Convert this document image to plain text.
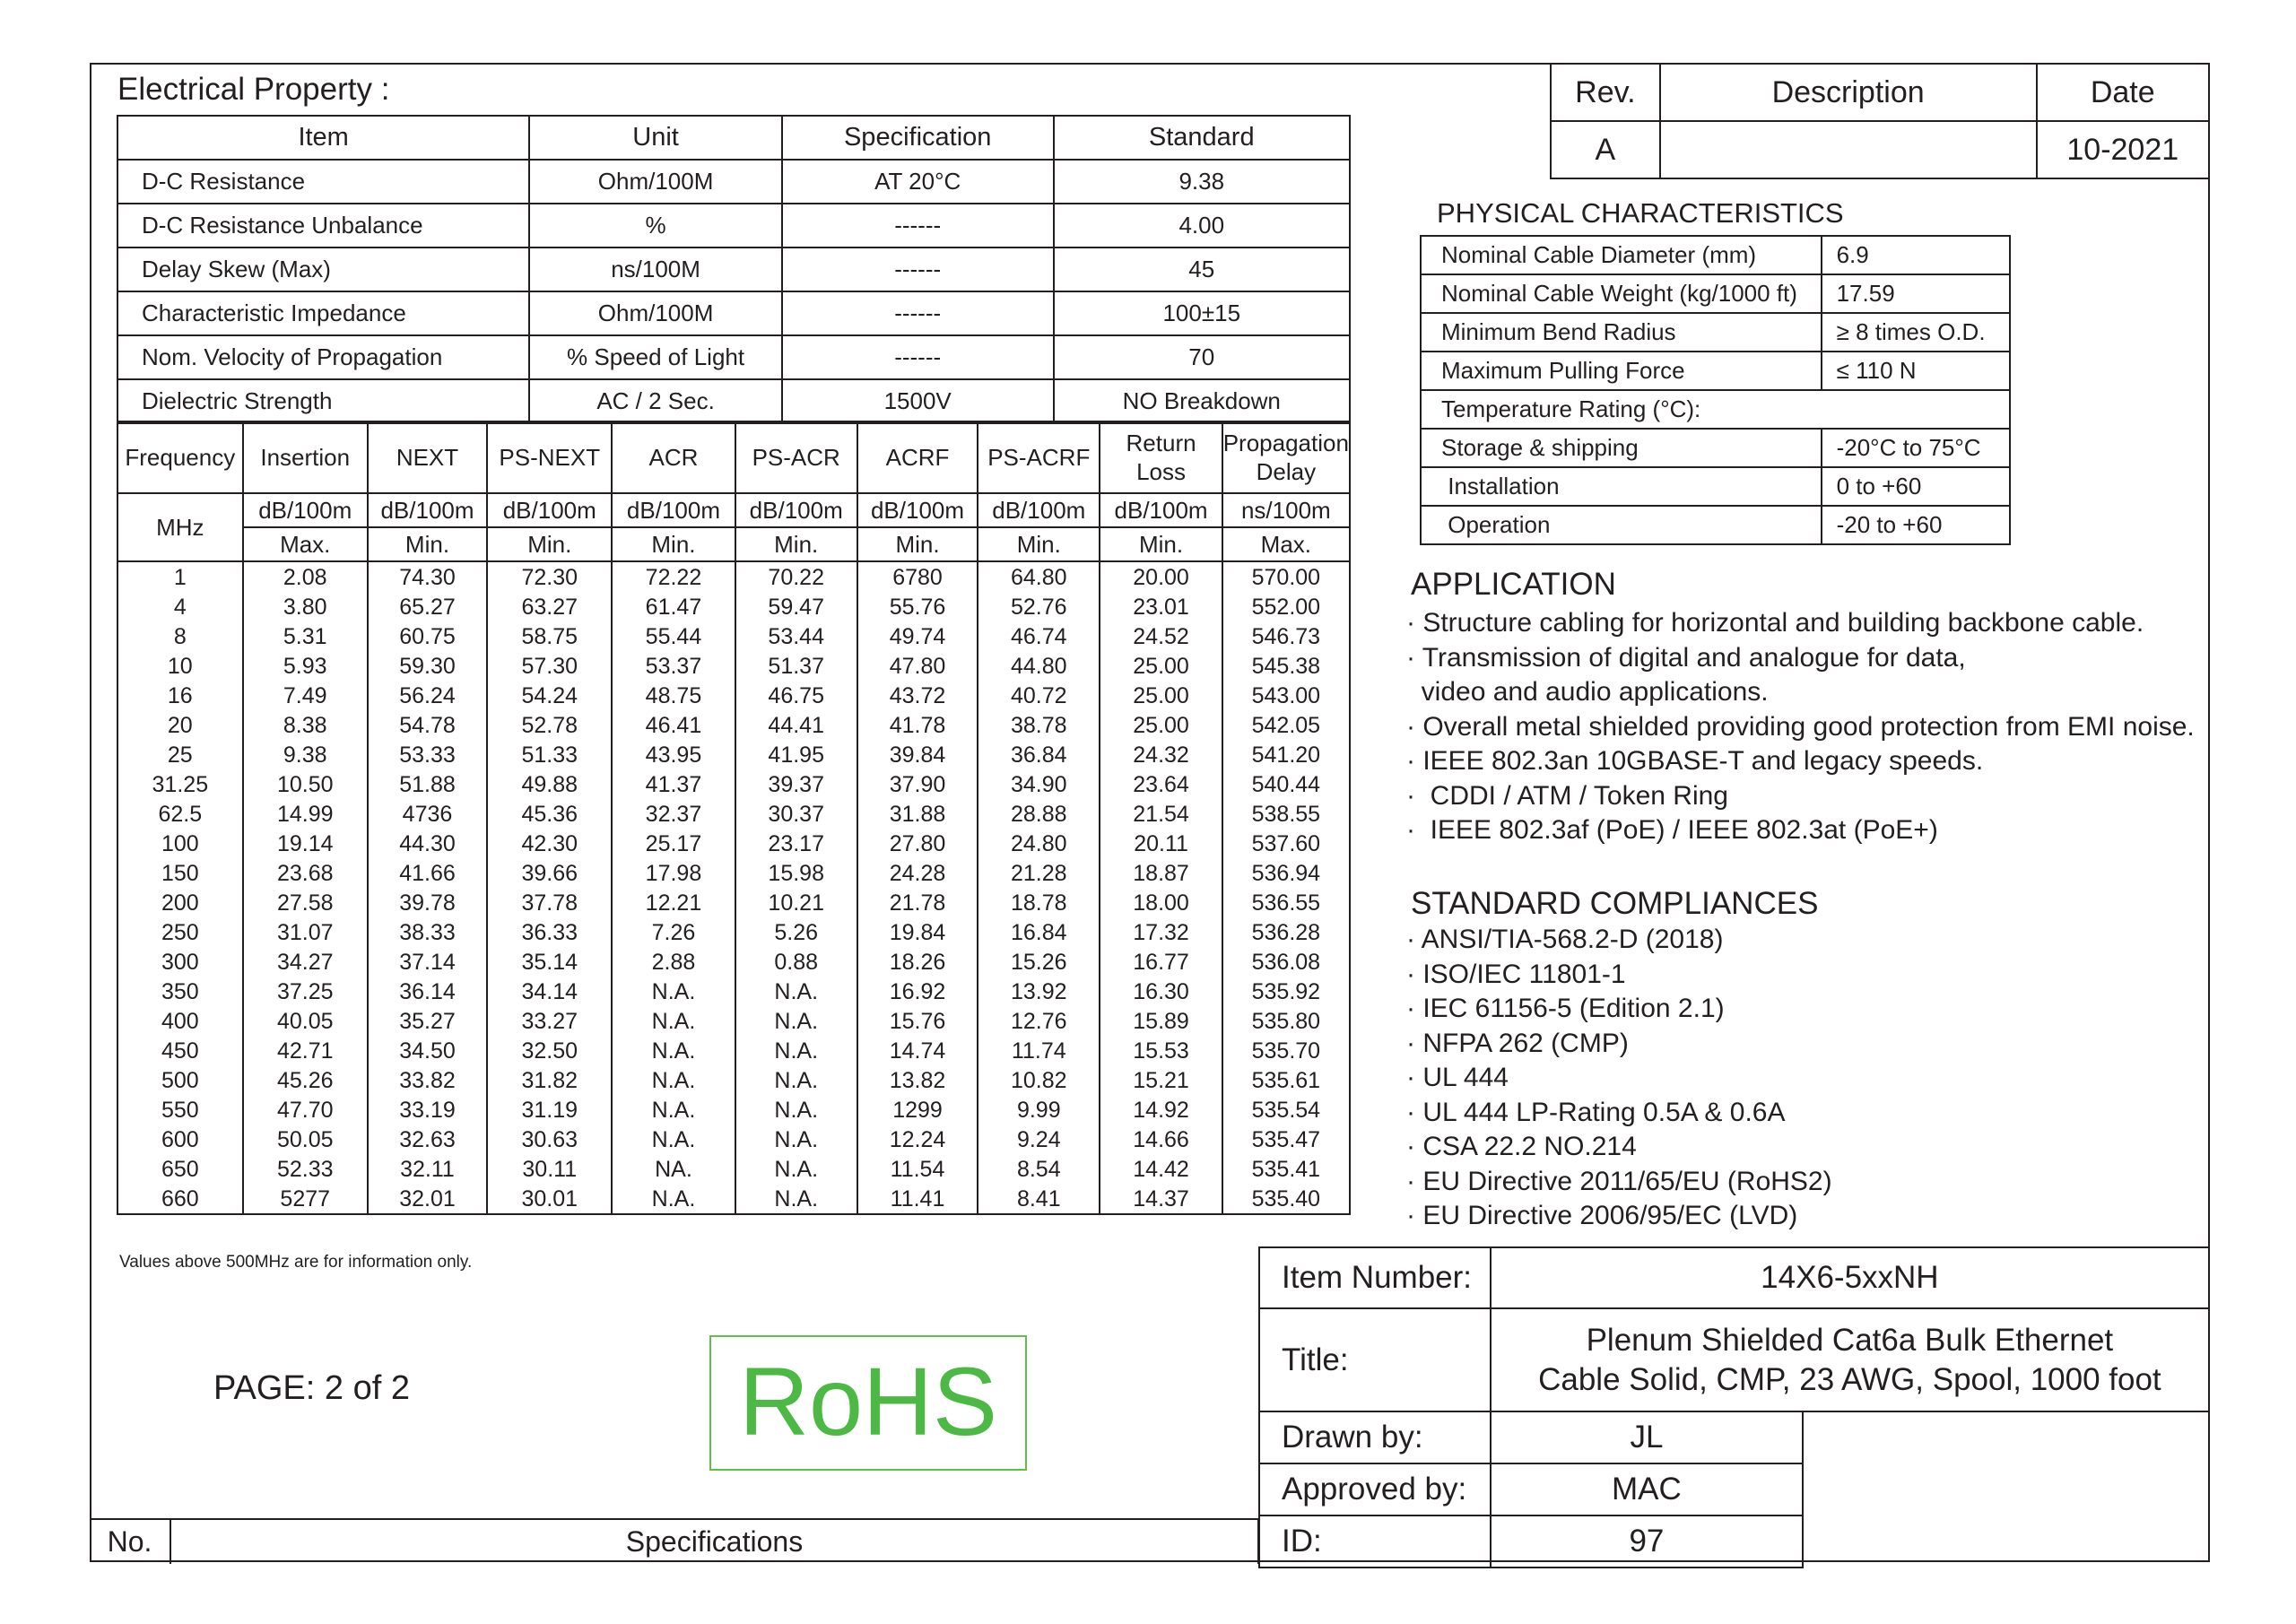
Electrical Property :
Item	Unit	Specification	Standard
D-C Resistance	Ohm/100M	AT 20°C	9.38
D-C Resistance Unbalance	%	------	4.00
Delay Skew (Max)	ns/100M	------	45
Characteristic Impedance	Ohm/100M	------	100±15
Nom. Velocity of Propagation	% Speed of Light	------	70
Dielectric Strength	AC / 2 Sec.	1500V	NO Breakdown
Frequency	Insertion	NEXT	PS-NEXT	ACR	PS-ACR	ACRF	PS-ACRF	Return Loss	Propagation Delay
MHz	dB/100m	dB/100m	dB/100m	dB/100m	dB/100m	dB/100m	dB/100m	dB/100m	ns/100m
	Max.	Min.	Min.	Min.	Min.	Min.	Min.	Min.	Max.
1	2.08	74.30	72.30	72.22	70.22	6780	64.80	20.00	570.00
4	3.80	65.27	63.27	61.47	59.47	55.76	52.76	23.01	552.00
8	5.31	60.75	58.75	55.44	53.44	49.74	46.74	24.52	546.73
10	5.93	59.30	57.30	53.37	51.37	47.80	44.80	25.00	545.38
16	7.49	56.24	54.24	48.75	46.75	43.72	40.72	25.00	543.00
20	8.38	54.78	52.78	46.41	44.41	41.78	38.78	25.00	542.05
25	9.38	53.33	51.33	43.95	41.95	39.84	36.84	24.32	541.20
31.25	10.50	51.88	49.88	41.37	39.37	37.90	34.90	23.64	540.44
62.5	14.99	4736	45.36	32.37	30.37	31.88	28.88	21.54	538.55
100	19.14	44.30	42.30	25.17	23.17	27.80	24.80	20.11	537.60
150	23.68	41.66	39.66	17.98	15.98	24.28	21.28	18.87	536.94
200	27.58	39.78	37.78	12.21	10.21	21.78	18.78	18.00	536.55
250	31.07	38.33	36.33	7.26	5.26	19.84	16.84	17.32	536.28
300	34.27	37.14	35.14	2.88	0.88	18.26	15.26	16.77	536.08
350	37.25	36.14	34.14	N.A.	N.A.	16.92	13.92	16.30	535.92
400	40.05	35.27	33.27	N.A.	N.A.	15.76	12.76	15.89	535.80
450	42.71	34.50	32.50	N.A.	N.A.	14.74	11.74	15.53	535.70
500	45.26	33.82	31.82	N.A.	N.A.	13.82	10.82	15.21	535.61
550	47.70	33.19	31.19	N.A.	N.A.	1299	9.99	14.92	535.54
600	50.05	32.63	30.63	N.A.	N.A.	12.24	9.24	14.66	535.47
650	52.33	32.11	30.11	NA.	N.A.	11.54	8.54	14.42	535.41
660	5277	32.01	30.01	N.A.	N.A.	11.41	8.41	14.37	535.40
Values above 500MHz are for information only.
PAGE: 2 of 2	RoHS
Rev.	Description	Date
A		10-2021
PHYSICAL CHARACTERISTICS
Nominal Cable Diameter (mm)	6.9
Nominal Cable Weight (kg/1000 ft)	17.59
Minimum Bend Radius	≥ 8 times O.D.
Maximum Pulling Force	≤ 110 N
Temperature Rating (°C):	
Storage & shipping	-20°C to 75°C
Installation	0 to +60
Operation	-20 to +60
APPLICATION
· Structure cabling for horizontal and building backbone cable.
· Transmission of digital and analogue for data,
video and audio applications.
· Overall metal shielded providing good protection from EMI noise.
· IEEE 802.3an 10GBASE-T and legacy speeds.
·  CDDI / ATM / Token Ring
·  IEEE 802.3af (PoE) / IEEE 802.3at (PoE+)
STANDARD COMPLIANCES
· ANSI/TIA-568.2-D (2018)
· ISO/IEC 11801-1
· IEC 61156-5 (Edition 2.1)
· NFPA 262 (CMP)
· UL 444
· UL 444 LP-Rating 0.5A & 0.6A
· CSA 22.2 NO.214
· EU Directive 2011/65/EU (RoHS2)
· EU Directive 2006/95/EC (LVD)
Item Number:	14X6-5xxNH	
Title:	Plenum Shielded Cat6a Bulk Ethernet
Cable Solid, CMP, 23 AWG, Spool, 1000 foot	

Drawn by:	JL	
Approved by:	MAC	
ID:	97	
No.	Specifications
